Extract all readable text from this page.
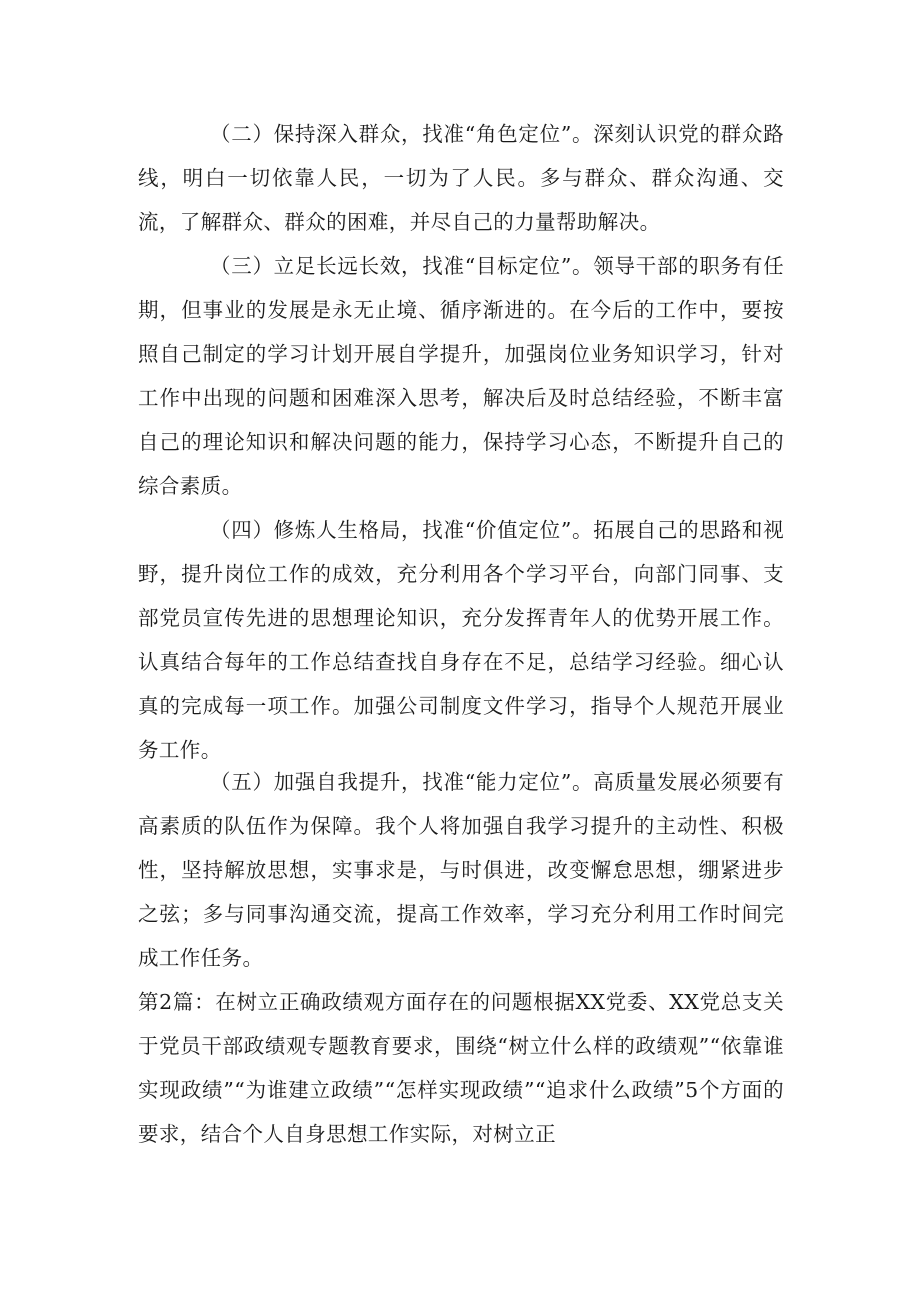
（二）保持深入群众，找准“角色定位”。深刻认识党的群众路线，明白一切依靠人民，一切为了人民。多与群众、群众沟通、交流，了解群众、群众的困难，并尽自己的力量帮助解决。

（三）立足长远长效，找准“目标定位”。领导干部的职务有任期，但事业的发展是永无止境、循序渐进的。在今后的工作中，要按照自己制定的学习计划开展自学提升，加强岗位业务知识学习，针对工作中出现的问题和困难深入思考，解决后及时总结经验，不断丰富自己的理论知识和解决问题的能力，保持学习心态，不断提升自己的综合素质。

（四）修炼人生格局，找准“价值定位”。拓展自己的思路和视野，提升岗位工作的成效，充分利用各个学习平台，向部门同事、支部党员宣传先进的思想理论知识，充分发挥青年人的优势开展工作。认真结合每年的工作总结查找自身存在不足，总结学习经验。细心认真的完成每一项工作。加强公司制度文件学习，指导个人规范开展业务工作。

（五）加强自我提升，找准“能力定位”。高质量发展必须要有高素质的队伍作为保障。我个人将加强自我学习提升的主动性、积极性，坚持解放思想，实事求是，与时俱进，改变懈怠思想，绷紧进步之弦；多与同事沟通交流，提高工作效率，学习充分利用工作时间完成工作任务。

第2篇：在树立正确政绩观方面存在的问题根据XX党委、XX党总支关于党员干部政绩观专题教育要求，围绕“树立什么样的政绩观”“依靠谁实现政绩”“为谁建立政绩”“怎样实现政绩”“追求什么政绩”5个方面的要求，结合个人自身思想工作实际，对树立正
